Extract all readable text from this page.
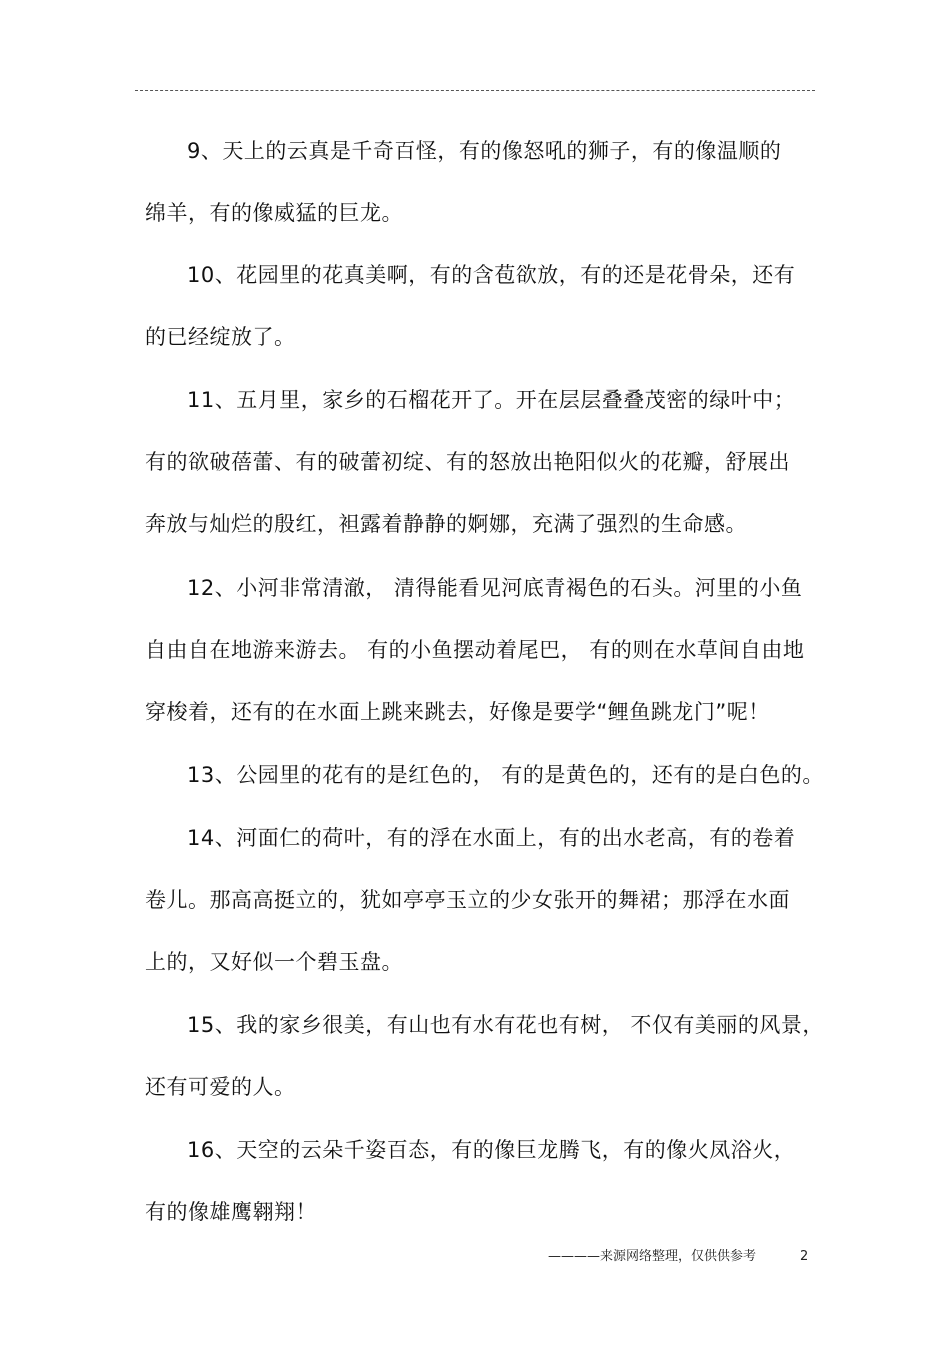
9、天上的云真是千奇百怪，有的像怒吼的狮子，有的像温顺的
绵羊，有的像威猛的巨龙。
10、花园里的花真美啊，有的含苞欲放，有的还是花骨朵，还有
的已经绽放了。
11、五月里，家乡的石榴花开了。开在层层叠叠茂密的绿叶中；
有的欲破蓓蕾、有的破蕾初绽、有的怒放出艳阳似火的花瓣，舒展出
奔放与灿烂的殷红，袒露着静静的婀娜，充满了强烈的生命感。
12、小河非常清澈， 清得能看见河底青褐色的石头。河里的小鱼
自由自在地游来游去。 有的小鱼摆动着尾巴， 有的则在水草间自由地
穿梭着，还有的在水面上跳来跳去，好像是要学“鲤鱼跳龙门”呢！
13、公园里的花有的是红色的， 有的是黄色的，还有的是白色的。
14、河面仁的荷叶，有的浮在水面上，有的出水老高，有的卷着
卷儿。那高高挺立的，犹如亭亭玉立的少女张开的舞裙；那浮在水面
上的，又好似一个碧玉盘。
15、我的家乡很美，有山也有水有花也有树， 不仅有美丽的风景，
还有可爱的人。
16、天空的云朵千姿百态，有的像巨龙腾飞，有的像火凤浴火，
有的像雄鹰翱翔！
————来源网络整理，仅供供参考	2
